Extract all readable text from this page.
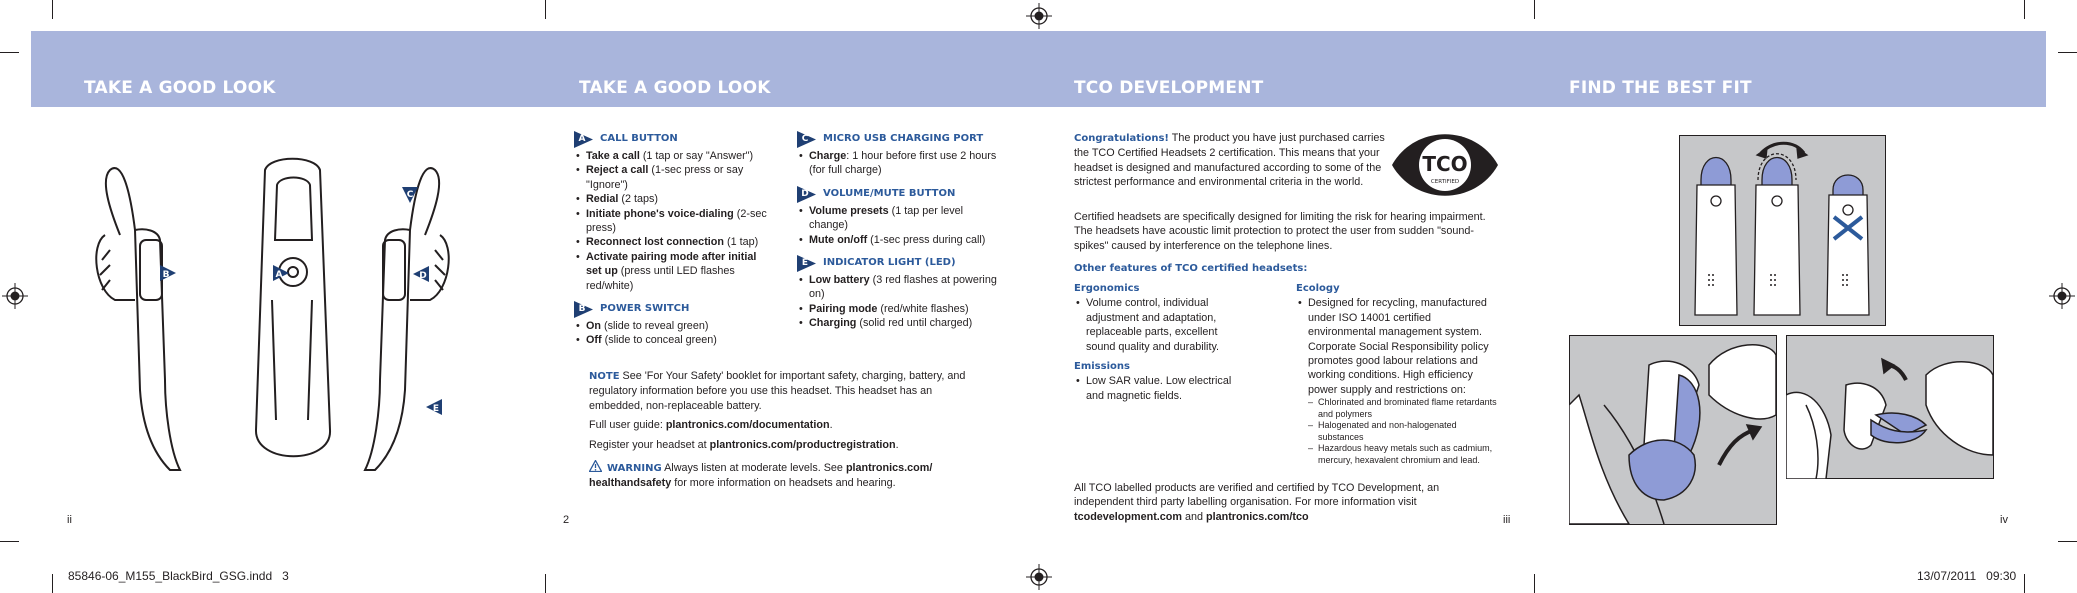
TAKE A GOOD LOOK	TAKE A GOOD LOOK	TCO DEVELOPMENT	FIND THE BEST FIT
B	A
C
D
E
A	CALL BUTTON
• Take a call (1 tap or say "Answer")
• Reject a call (1-sec press or say "Ignore")
• Redial (2 taps)
• Initiate phone's voice-dialing (2-sec press)
• Reconnect lost connection (1 tap)
• Activate pairing mode after initial set up (press until LED flashes red/white)
B	POWER SWITCH
• On (slide to reveal green)
• Off (slide to conceal green)
C	MICRO USB CHARGING PORT
• Charge: 1 hour before first use 2 hours (for full charge)
D	VOLUME/MUTE BUTTON
• Volume presets (1 tap per level change)
• Mute on/off (1-sec press during call)
E	INDICATOR LIGHT (LED)
• Low battery (3 red flashes at powering on)
• Pairing mode (red/white flashes)
• Charging (solid red until charged)

NOTE See 'For Your Safety' booklet for important safety, charging, battery, and regulatory information before you use this headset. This headset has an embedded, non-replaceable battery.

Full user guide: plantronics.com/documentation.

Register your headset at plantronics.com/productregistration.

WARNING Always listen at moderate levels. See plantronics.com/ healthandsafety for more information on headsets and hearing.

Congratulations! The product you have just purchased carries the TCO Certified Headsets 2 certification. This means that your headset is designed and manufactured according to some of the strictest performance and environmental criteria in the world.
TCO
CERTIFIED
Certified headsets are specifically designed for limiting the risk for hearing impairment. The headsets have acoustic limit protection to protect the user from sudden "sound-spikes" caused by interference on the telephone lines.
Other features of TCO certified headsets:
Ergonomics
• Volume control, individual adjustment and adaptation, replaceable parts, excellent sound quality and durability.
Emissions
• Low SAR value. Low electrical and magnetic fields.
Ecology
• Designed for recycling, manufactured under ISO 14001 certified environmental management system. Corporate Social Responsibility policy promotes good labour relations and working conditions. High efficiency power supply and restrictions on:
– Chlorinated and brominated flame retardants and polymers
– Halogenated and non-halogenated substances
– Hazardous heavy metals such as cadmium, mercury, hexavalent chromium and lead.
All TCO labelled products are verified and certified by TCO Development, an independent third party labelling organisation. For more information visit tcodevelopment.com and plantronics.com/tco
ii	2	iii	iv
85846-06_M155_BlackBird_GSG.indd   3	13/07/2011   09:30
